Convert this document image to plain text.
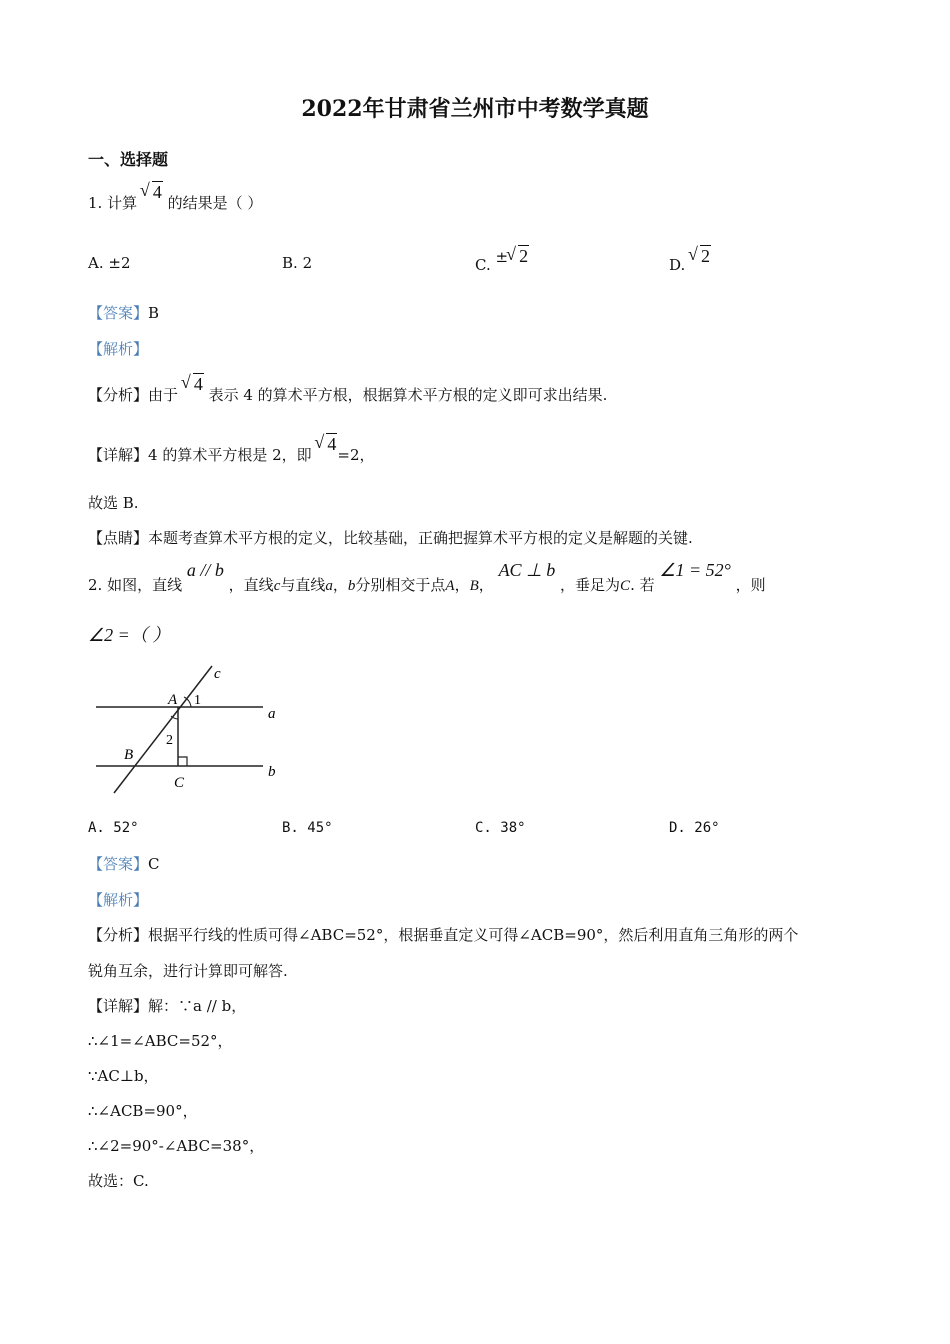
2022年甘肃省兰州市中考数学真题
一、选择题
1. 计算 √ 4 的结果是（ ）
A. ±2	B. 2	C. ±√ 2	D. √ 2
【答案】B
【解析】
【分析】由于 √ 4 表示 4 的算术平方根，根据算术平方根的定义即可求出结果.
【详解】4 的算术平方根是 2，即 √ 4=2，
故选 B.
【点睛】本题考查算术平方根的定义，比较基础，正确把握算术平方根的定义是解题的关键.
2. 如图，直线 a // b ，直线c与直线a，b分别相交于点A，B， AC ⊥ b ，垂足为C. 若 ∠1 = 52° ，则
∠2 =（ ）
c
A 1
a
2
B
C
b
A. 52°	B. 45°	C. 38°	D. 26°
【答案】C
【解析】
【分析】根据平行线的性质可得∠ABC=52°，根据垂直定义可得∠ACB=90°，然后利用直角三角形的两个
锐角互余，进行计算即可解答.
【详解】解：∵a // b，
∴∠1=∠ABC=52°，
∵AC⊥b，
∴∠ACB=90°，
∴∠2=90°-∠ABC=38°，
故选：C.
